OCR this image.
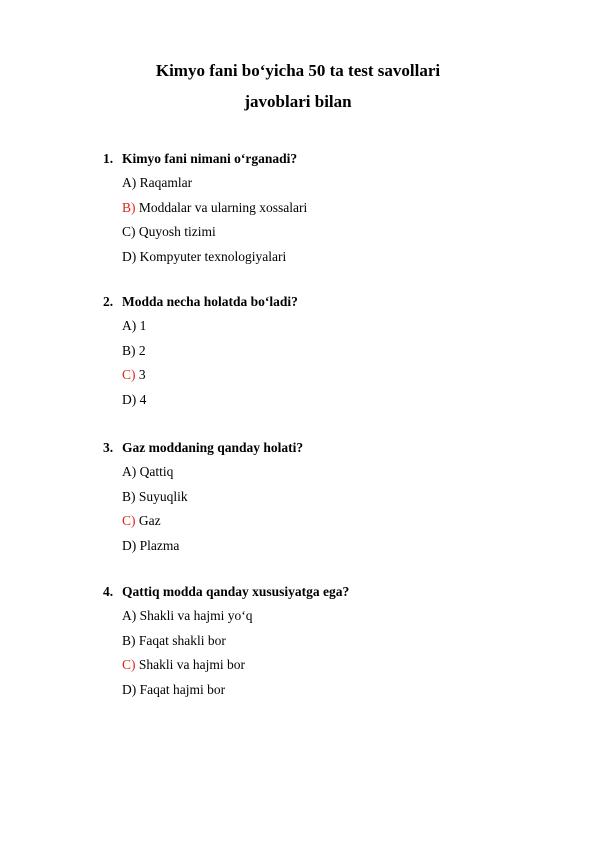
Kimyo fani bo‘yicha 50 ta test savollari
javoblari bilan
1. Kimyo fani nimani o‘rganadi?
A) Raqamlar
B) Moddalar va ularning xossalari
C) Quyosh tizimi
D) Kompyuter texnologiyalari
2. Modda necha holatda bo‘ladi?
A) 1
B) 2
C) 3
D) 4
3. Gaz moddaning qanday holati?
A) Qattiq
B) Suyuqlik
C) Gaz
D) Plazma
4. Qattiq modda qanday xususiyatga ega?
A) Shakli va hajmi yo‘q
B) Faqat shakli bor
C) Shakli va hajmi bor
D) Faqat hajmi bor
